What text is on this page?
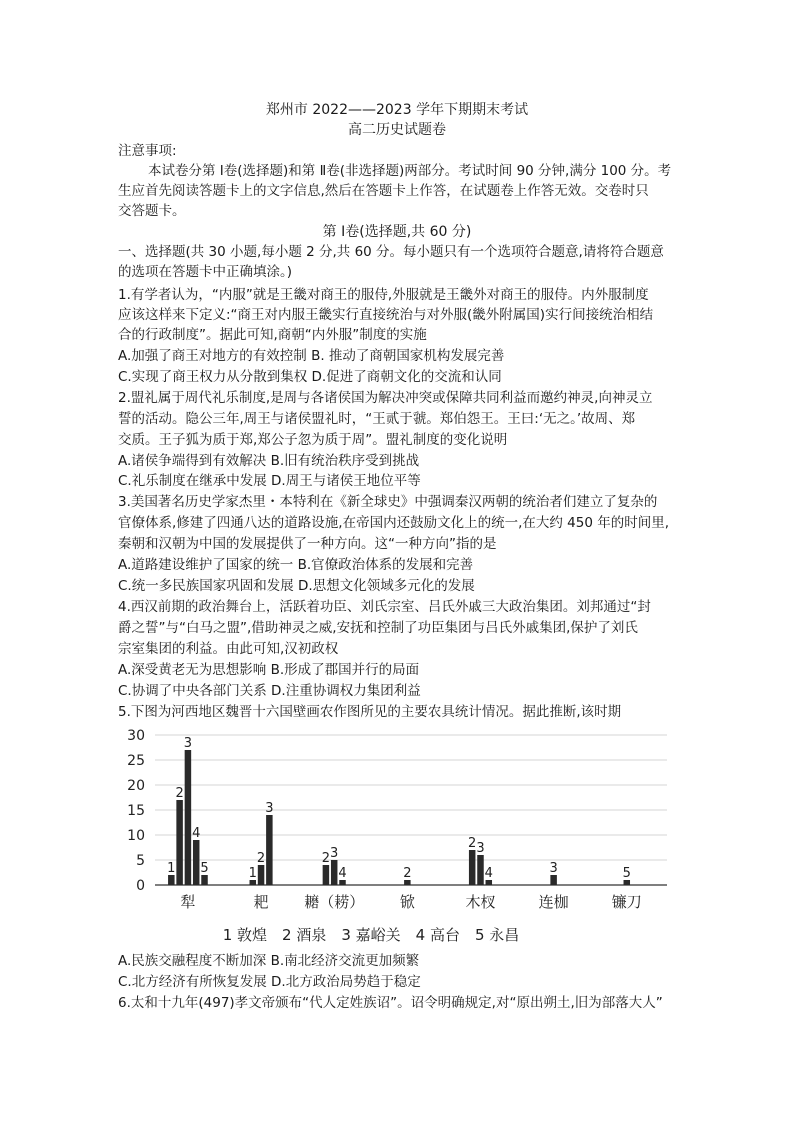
郑州市 2022——2023 学年下期期末考试
高二历史试题卷
注意事项:
本试卷分第 Ⅰ卷(选择题)和第 Ⅱ卷(非选择题)两部分。考试时间 90 分钟,满分 100 分。考
生应首先阅读答题卡上的文字信息,然后在答题卡上作答，在试题卷上作答无效。交卷时只
交答题卡。
第 Ⅰ卷(选择题,共 60 分)
一、选择题(共 30 小题,每小题 2 分,共 60 分。每小题只有一个选项符合题意,请将符合题意
的选项在答题卡中正确填涂。)
1.有学者认为，“内服”就是王畿对商王的服侍,外服就是王畿外对商王的服侍。内外服制度
应该这样来下定义:“商王对内服王畿实行直接统治与对外服(畿外附属国)实行间接统治相结
合的行政制度”。据此可知,商朝“内外服”制度的实施
A.加强了商王对地方的有效控制 B. 推动了商朝国家机构发展完善
C.实现了商王权力从分散到集权 D.促进了商朝文化的交流和认同
2.盟礼属于周代礼乐制度,是周与各诸侯国为解决冲突或保障共同利益而邀约神灵,向神灵立
誓的活动。隐公三年,周王与诸侯盟礼时，“王贰于虢。郑伯怨王。王曰:‘无之。’故周、郑
交质。王子狐为质于郑,郑公子忽为质于周”。盟礼制度的变化说明
A.诸侯争端得到有效解决 B.旧有统治秩序受到挑战
C.礼乐制度在继承中发展 D.周王与诸侯王地位平等
3.美国著名历史学家杰里・本特利在《新全球史》中强调秦汉两朝的统治者们建立了复杂的
官僚体系,修建了四通八达的道路设施,在帝国内还鼓励文化上的统一,在大约 450 年的时间里,
秦朝和汉朝为中国的发展提供了一种方向。这“一种方向”指的是
A.道路建设维护了国家的统一 B.官僚政治体系的发展和完善
C.统一多民族国家巩固和发展 D.思想文化领域多元化的发展
4.西汉前期的政治舞台上，活跃着功臣、刘氏宗室、吕氏外戚三大政治集团。刘邦通过“封
爵之誓”与“白马之盟”,借助神灵之威,安抚和控制了功臣集团与吕氏外戚集团,保护了刘氏
宗室集团的利益。由此可知,汉初政权
A.深受黄老无为思想影响 B.形成了郡国并行的局面
C.协调了中央各部门关系 D.注重协调权力集团利益
5.下图为河西地区魏晋十六国壁画农作图所见的主要农具统计情况。据此推断,该时期
0
5
10
15
20
25
30
1
2
3
4
5
犁
1
2
3
耙
2 3
4
耱（耢）
2
锨
2 3
4
木杈
3
连枷
5
镰刀
1 敦煌　2 酒泉　3 嘉峪关　4 高台　5 永昌
A.民族交融程度不断加深 B.南北经济交流更加频繁
C.北方经济有所恢复发展 D.北方政治局势趋于稳定
6.太和十九年(497)孝文帝颁布“代人定姓族诏”。诏令明确规定,对“原出朔土,旧为部落大人”
